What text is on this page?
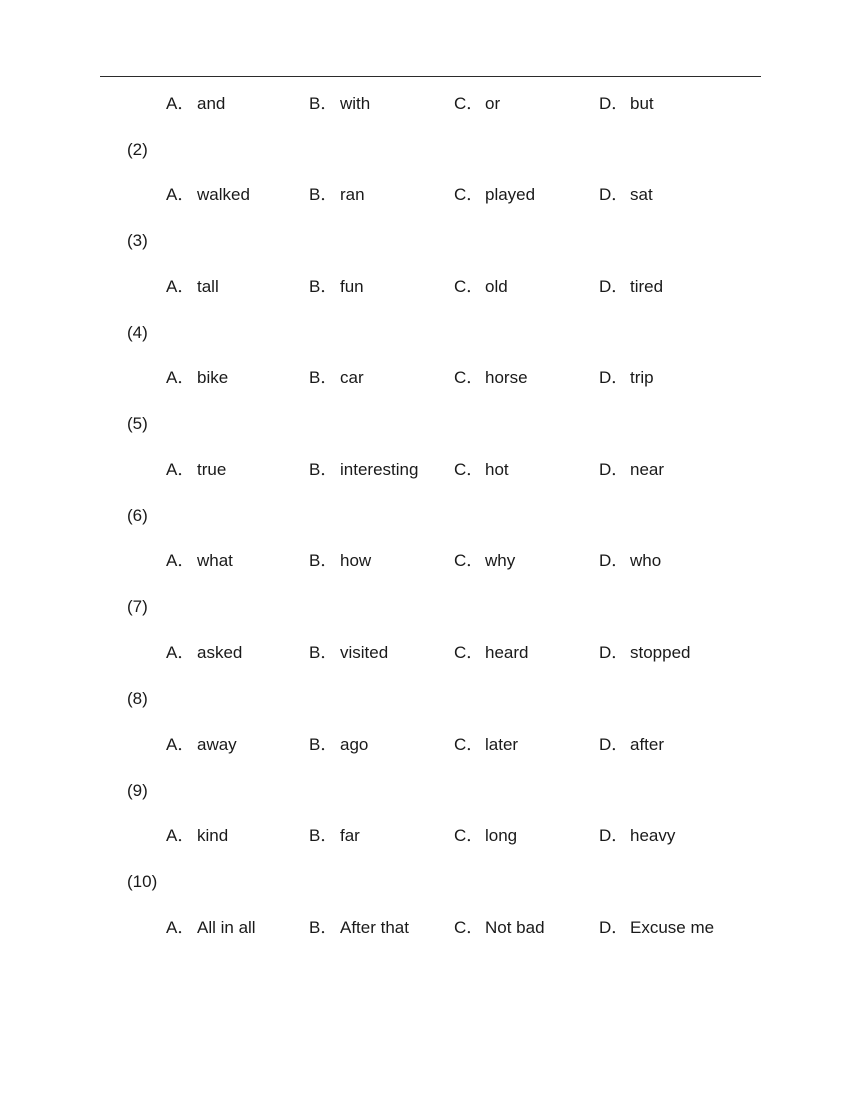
A． and	B． with	C． or	D． but
(2)
A． walked	B． ran	C． played	D． sat
(3)
A． tall	B． fun	C． old	D． tired
(4)
A． bike	B． car	C． horse	D． trip
(5)
A． true	B． interesting C． hot	D． near
(6)
A． what	B． how	C． why	D． who
(7)
A． asked	B． visited	C． heard	D． stopped
(8)
A． away	B． ago	C． later	D． after
(9)
A． kind	B． far	C． long	D． heavy
(10)
A． All in all	B． After that	C． Not bad	D． Excuse me
